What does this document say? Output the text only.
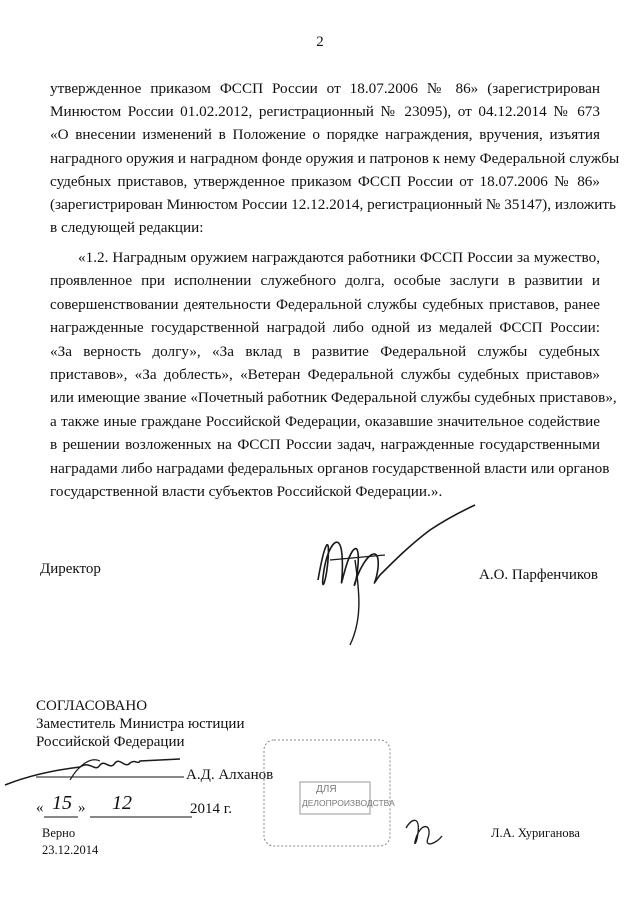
2
утвержденное приказом ФССП России от 18.07.2006 № 86» (зарегистрирован
Минюстом России 01.02.2012, регистрационный № 23095), от 04.12.2014 № 673
«О внесении изменений в Положение о порядке награждения, вручения, изъятия
наградного оружия и наградном фонде оружия и патронов к нему Федеральной службы
судебных приставов, утвержденное приказом ФССП России от 18.07.2006 № 86»
(зарегистрирован Минюстом России 12.12.2014, регистрационный № 35147), изложить
в следующей редакции:
«1.2. Наградным оружием награждаются работники ФССП России за мужество,
проявленное при исполнении служебного долга, особые заслуги в развитии и
совершенствовании деятельности Федеральной службы судебных приставов, ранее
награжденные государственной наградой либо одной из медалей ФССП России:
«За верность долгу», «За вклад в развитие Федеральной службы судебных
приставов», «За доблесть», «Ветеран Федеральной службы судебных приставов»
или имеющие звание «Почетный работник Федеральной службы судебных приставов»,
а также иные граждане Российской Федерации, оказавшие значительное содействие
в решении возложенных на ФССП России задач, награжденные государственными
наградами либо наградами федеральных органов государственной власти или органов
государственной власти субъектов Российской Федерации.».
Директор	А.О. Парфенчиков
СОГЛАСОВАНО
Заместитель Министра юстиции
Российской Федерации
А.Д. Алханов
« 15 » 12	2014 г.
ДЛЯ
ДЕЛОПРОИЗВОДСТВА
Верно
23.12.2014
Л.А. Хуриганова
